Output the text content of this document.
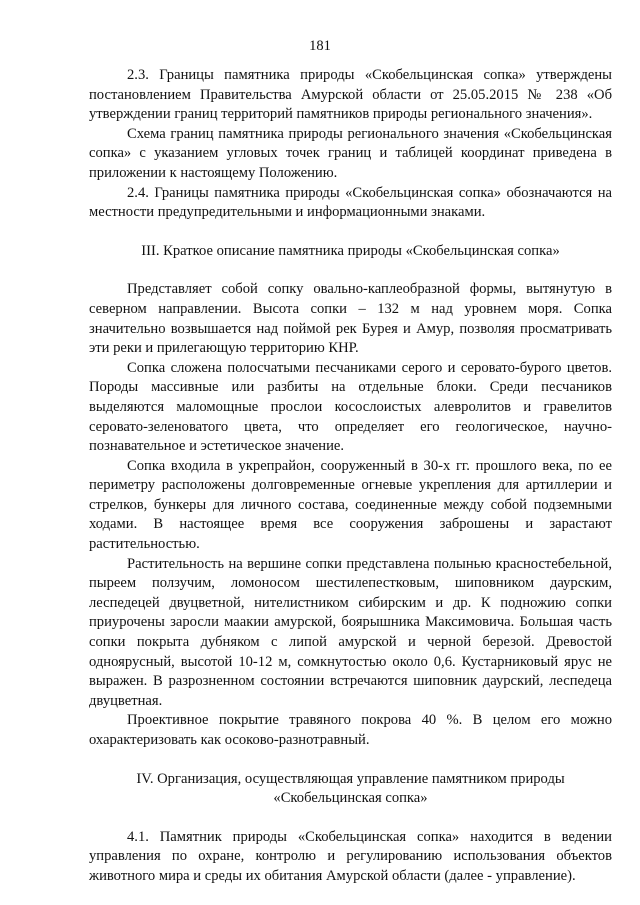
181

2.3. Границы памятника природы «Скобельцинская сопка» утверждены постановлением Правительства Амурской области от 25.05.2015 № 238 «Об утверждении границ территорий памятников природы регионального значения».

Схема границ памятника природы регионального значения «Скобельцинская сопка» с указанием угловых точек границ и таблицей координат приведена в приложении к настоящему Положению.

2.4. Границы памятника природы «Скобельцинская сопка» обозначаются на местности предупредительными и информационными знаками.

III. Краткое описание памятника природы «Скобельцинская сопка»

Представляет собой сопку овально-каплеобразной формы, вытянутую в северном направлении. Высота сопки – 132 м над уровнем моря. Сопка значительно возвышается над поймой рек Бурея и Амур, позволяя просматривать эти реки и прилегающую территорию КНР.

Сопка сложена полосчатыми песчаниками серого и серовато-бурого цветов. Породы массивные или разбиты на отдельные блоки. Среди песчаников выделяются маломощные прослои косослоистых алевролитов и гравелитов серовато-зеленоватого цвета, что определяет его геологическое, научно-познавательное и эстетическое значение.

Сопка входила в укрепрайон, сооруженный в 30-х гг. прошлого века, по ее периметру расположены долговременные огневые укрепления для артиллерии и стрелков, бункеры для личного состава, соединенные между собой подземными ходами. В настоящее время все сооружения заброшены и зарастают растительностью.

Растительность на вершине сопки представлена полынью красностебельной, пыреем ползучим, ломоносом шестилепестковым, шиповником даурским, леспедецей двуцветной, нителистником сибирским и др. К подножию сопки приурочены заросли маакии амурской, боярышника Максимовича. Большая часть сопки покрыта дубняком с липой амурской и черной березой. Древостой одноярусный, высотой 10-12 м, сомкнутостью около 0,6. Кустарниковый ярус не выражен. В разрозненном состоянии встречаются шиповник даурский, леспедеца двуцветная.

Проективное покрытие травяного покрова 40 %. В целом его можно охарактеризовать как осоково-разнотравный.

IV. Организация, осуществляющая управление памятником природы

«Скобельцинская сопка»

4.1. Памятник природы «Скобельцинская сопка» находится в ведении управления по охране, контролю и регулированию использования объектов животного мира и среды их обитания Амурской области (далее - управление).
